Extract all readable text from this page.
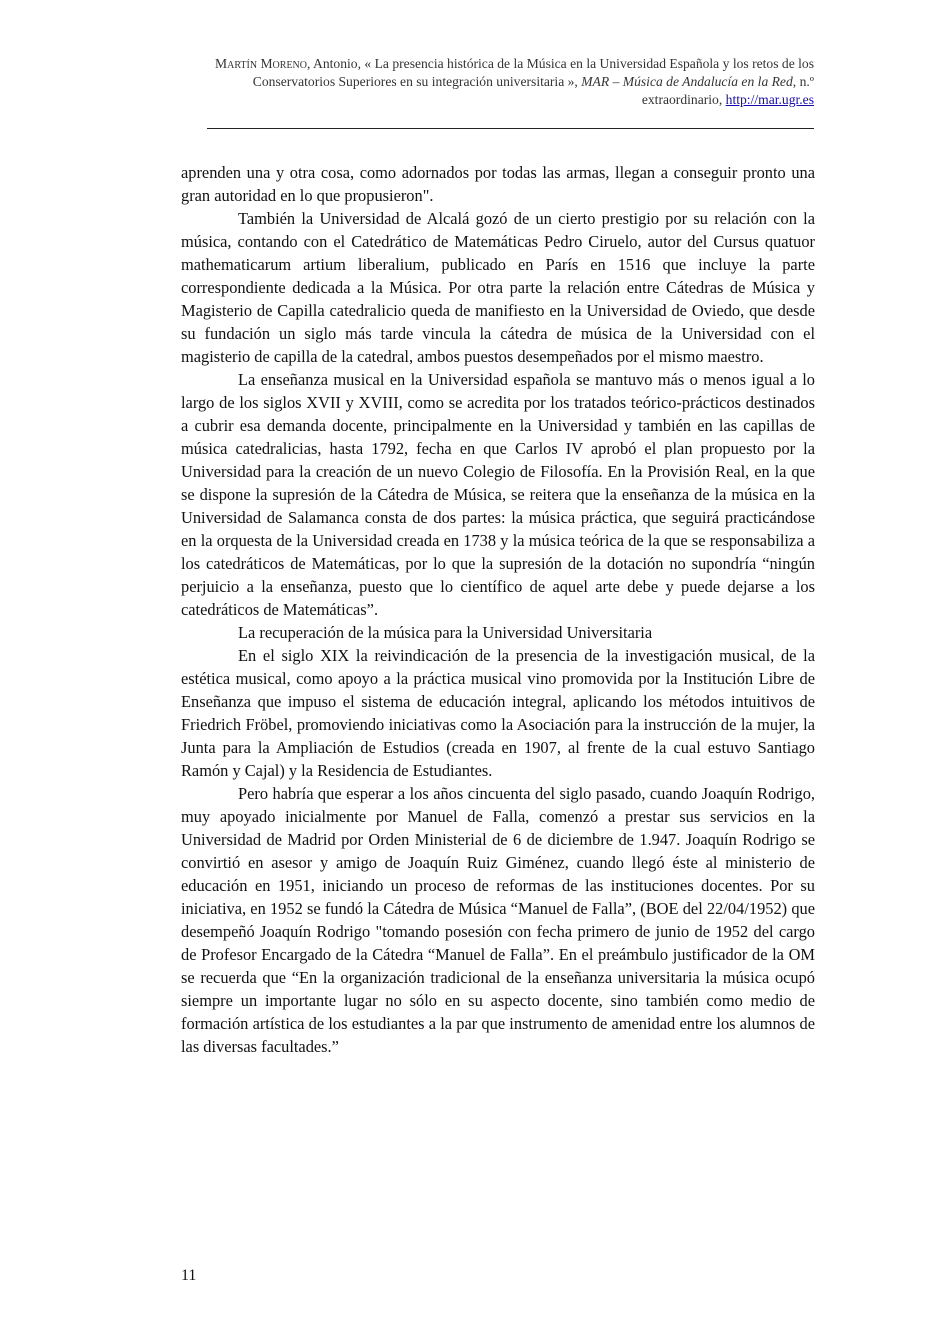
Martín Moreno, Antonio, « La presencia histórica de la Música en la Universidad Española y los retos de los Conservatorios Superiores en su integración universitaria », MAR – Música de Andalucía en la Red, n.º extraordinario, http://mar.ugr.es

aprenden una y otra cosa, como adornados por todas las armas, llegan a conseguir pronto una gran autoridad en lo que propusieron".

También la Universidad de Alcalá gozó de un cierto prestigio por su relación con la música, contando con el Catedrático de Matemáticas Pedro Ciruelo, autor del Cursus quatuor mathematicarum artium liberalium, publicado en París en 1516 que incluye la parte correspondiente dedicada a la Música. Por otra parte la relación entre Cátedras de Música y Magisterio de Capilla catedralicio queda de manifiesto en la Universidad de Oviedo, que desde su fundación un siglo más tarde vincula la cátedra de música de la Universidad con el magisterio de capilla de la catedral, ambos puestos desempeñados por el mismo maestro.

La enseñanza musical en la Universidad española se mantuvo más o menos igual a lo largo de los siglos XVII y XVIII, como se acredita por los tratados teórico-prácticos destinados a cubrir esa demanda docente, principalmente en la Universidad y también en las capillas de música catedralicias, hasta 1792, fecha en que Carlos IV aprobó el plan propuesto por la Universidad para la creación de un nuevo Colegio de Filosofía. En la Provisión Real, en la que se dispone la supresión de la Cátedra de Música, se reitera que la enseñanza de la música en la Universidad de Salamanca consta de dos partes: la música práctica, que seguirá practicándose en la orquesta de la Universidad creada en 1738 y la música teórica de la que se responsabiliza a los catedráticos de Matemáticas, por lo que la supresión de la dotación no supondría “ningún perjuicio a la enseñanza, puesto que lo científico de aquel arte debe y puede dejarse a los catedráticos de Matemáticas”.

La recuperación de la música para la Universidad Universitaria

En el siglo XIX la reivindicación de la presencia de la investigación musical, de la estética musical, como apoyo a la práctica musical vino promovida por la Institución Libre de Enseñanza que impuso el sistema de educación integral, aplicando los métodos intuitivos de Friedrich Fröbel, promoviendo iniciativas como la Asociación para la instrucción de la mujer, la Junta para la Ampliación de Estudios (creada en 1907, al frente de la cual estuvo Santiago Ramón y Cajal) y la Residencia de Estudiantes.

Pero habría que esperar a los años cincuenta del siglo pasado, cuando Joaquín Rodrigo, muy apoyado inicialmente por Manuel de Falla, comenzó a prestar sus servicios en la Universidad de Madrid por Orden Ministerial de 6 de diciembre de 1.947. Joaquín Rodrigo se convirtió en asesor y amigo de Joaquín Ruiz Giménez, cuando llegó éste al ministerio de educación en 1951, iniciando un proceso de reformas de las instituciones docentes. Por su iniciativa, en 1952 se fundó la Cátedra de Música “Manuel de Falla”, (BOE del 22/04/1952) que desempeñó Joaquín Rodrigo "tomando posesión con fecha primero de junio de 1952 del cargo de Profesor Encargado de la Cátedra “Manuel de Falla”. En el preámbulo justificador de la OM se recuerda que “En la organización tradicional de la enseñanza universitaria la música ocupó siempre un importante lugar no sólo en su aspecto docente, sino también como medio de formación artística de los estudiantes a la par que instrumento de amenidad entre los alumnos de las diversas facultades.”

11
